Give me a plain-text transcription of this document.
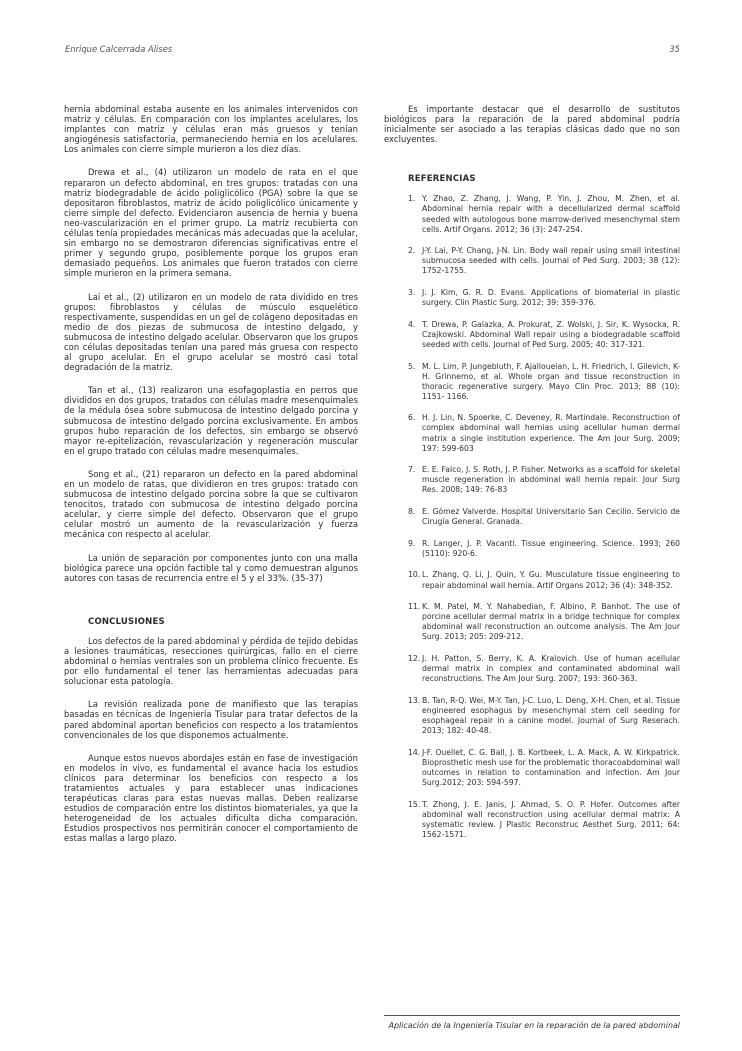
Enrique Calcerrada Alises	35

hernia abdominal estaba ausente en los animales intervenidos con matriz y células. En comparación con los implantes acelulares, los implantes con matriz y células eran más gruesos y tenían angiogénesis satisfactoria, permaneciendo hernia en los acelulares. Los animales con cierre simple murieron a los diez días.

Drewa et al., (4) utilizaron un modelo de rata en el que repararon un defecto abdominal, en tres grupos: tratadas con una matriz biodegradable de ácido poliglicólico (PGA) sobre la que se depositaron fibroblastos, matriz de ácido poliglicólico únicamente y cierre simple del defecto. Evidenciaron ausencia de hernia y buena neo-vascularización en el primer grupo. La matriz recubierta con células tenía propiedades mecánicas más adecuadas que la acelular, sin embargo no se demostraron diferencias significativas entre el primer y segundo grupo, posiblemente porque los grupos eran demasiado pequeños. Los animales que fueron tratados con cierre simple murieron en la primera semana.

Lai et al., (2) utilizaron en un modelo de rata dividido en tres grupos: fibroblastos y células de músculo esquelético respectivamente, suspendidas en un gel de colágeno depositadas en medio de dos piezas de submucosa de intestino delgado, y submucosa de intestino delgado acelular. Observaron que los grupos con células depositadas tenían una pared más gruesa con respecto al grupo acelular. En el grupo acelular se mostró casi total degradación de la matriz.

Tan et al., (13) realizaron una esofagoplastia en perros que divididos en dos grupos, tratados con células madre mesenquimales de la médula ósea sobre submucosa de intestino delgado porcina y submucosa de intestino delgado porcina exclusivamente. En ambos grupos hubo reparación de los defectos, sin embargo se observó mayor re-epitelización, revascularización y regeneración muscular en el grupo tratado con células madre mesenquimales.

Song et al., (21) repararon un defecto en la pared abdominal en un modelo de ratas, que dividieron en tres grupos: tratado con submucosa de intestino delgado porcina sobre la que se cultivaron tenocitos, tratado con submucosa de intestino delgado porcina acelular, y cierre simple del defecto. Observaron que el grupo celular mostró un aumento de la revascularización y fuerza mecánica con respecto al acelular.

La unión de separación por componentes junto con una malla biológica parece una opción factible tal y como demuestran algunos autores con tasas de recurrencia entre el 5 y el 33%. (35-37)

CONCLUSIONES

Los defectos de la pared abdominal y pérdida de tejido debidas a lesiones traumáticas, resecciones quirúrgicas, fallo en el cierre abdominal o hernias ventrales son un problema clínico frecuente. Es por ello fundamental el tener las herramientas adecuadas para solucionar esta patología.

La revisión realizada pone de manifiesto que las terapias basadas en técnicas de Ingeniería Tisular para tratar defectos de la pared abdominal aportan beneficios con respecto a los tratamientos convencionales de los que disponemos actualmente.

Aunque estos nuevos abordajes están en fase de investigación en modelos in vivo, es fundamental el avance hacia los estudios clínicos para determinar los beneficios con respecto a los tratamientos actuales y para establecer unas indicaciones terapéuticas claras para estas nuevas mallas. Deben realizarse estudios de comparación entre los distintos biomateriales, ya que la heterogeneidad de los actuales dificulta dicha comparación. Estudios prospectivos nos permitirán conocer el comportamiento de estas mallas a largo plazo.

Es importante destacar que el desarrollo de sustitutos biológicos para la reparación de la pared abdominal podría inicialmente ser asociado a las terapias clásicas dado que no son excluyentes.

REFERENCIAS
1. Y. Zhao, Z. Zhang, J. Wang, P. Yin, J. Zhou, M. Zhen, et al. Abdominal hernia repair with a decellularized dermal scaffold seeded with autologous bone marrow-derived mesenchymal stem cells. Artif Organs. 2012; 36 (3): 247-254.
2. J-Y. Lai, P-Y. Chang, J-N. Lin. Body wall repair using small intestinal submucosa seeded with cells. Journal of Ped Surg. 2003; 38 (12): 1752-1755.
3. J. J. Kim, G. R. D. Evans. Applications of biomaterial in plastic surgery. Clin Plastic Surg. 2012; 39: 359-376.
4. T. Drewa, P. Galazka, A. Prokurat, Z. Wolski, J. Sir, K. Wysocka, R. Czajkowski. Abdominal Wall repair using a biodegradable scaffold seeded with cells. Journal of Ped Surg. 2005; 40: 317-321.
5. M. L. Lim, P. Jungebluth, F. Ajalloueian, L. H. Friedrich, I. Gilevich, K-H. Grinnemo, et al. Whole organ and tissue reconstruction in thoracic regenerative surgery. Mayo Clin Proc. 2013; 88 (10): 1151- 1166.
6. H. J. Lin, N. Spoerke, C. Deveney, R. Martindale. Reconstruction of complex abdominal wall hernias using acellular human dermal matrix a single institution experience. The Am Jour Surg. 2009; 197: 599-603
7. E. E. Falco, J. S. Roth, J. P. Fisher. Networks as a scaffold for skeletal muscle regeneration in abdominal wall hernia repair. Jour Surg Res. 2008; 149: 76-83
8. E. Gómez Valverde. Hospital Universitario San Cecilio. Servicio de Cirugía General. Granada.
9. R. Langer, J. P. Vacanti. Tissue engineering. Science. 1993; 260 (5110): 920-6.
10. L. Zhang, Q. Li, J. Quin, Y. Gu. Musculature tissue engineering to repair abdominal wall hernia. Artif Organs 2012; 36 (4): 348-352.
11. K. M. Patel, M. Y. Nahabedian, F. Albino, P. Banhot. The use of porcine acellular dermal matrix in a bridge technique for complex abdominal wall reconstruction an outcome analysis. The Am Jour Surg. 2013; 205: 209-212.
12. J. H. Patton, S. Berry, K. A. Kralovich. Use of human acellular dermal matrix in complex and contaminated abdominal wall reconstructions. The Am Jour Surg. 2007; 193: 360-363.
13. B. Tan, R-Q. Wei, M-Y. Tan, J-C. Luo, L. Deng, X-H. Chen, et al. Tissue engineered esophagus by mesenchymal stem cell seeding for esophageal repair in a canine model. Journal of Surg Reserach. 2013; 182: 40-48.
14. J-F. Ouellet, C. G. Ball, J. B. Kortbeek, L. A. Mack, A. W. Kirkpatrick. Bioprosthetic mesh use for the problematic thoracoabdominal wall outcomes in relation to contamination and infection. Am Jour Surg.2012; 203: 594-597.
15. T. Zhong, J. E. Janis, J. Ahmad, S. O. P. Hofer. Outcomes after abdominal wall reconstruction using acellular dermal matrix: A systematic review. J Plastic Reconstruc Aesthet Surg. 2011; 64: 1562-1571.
Aplicación de la Ingeniería Tisular en la reparación de la pared abdominal
